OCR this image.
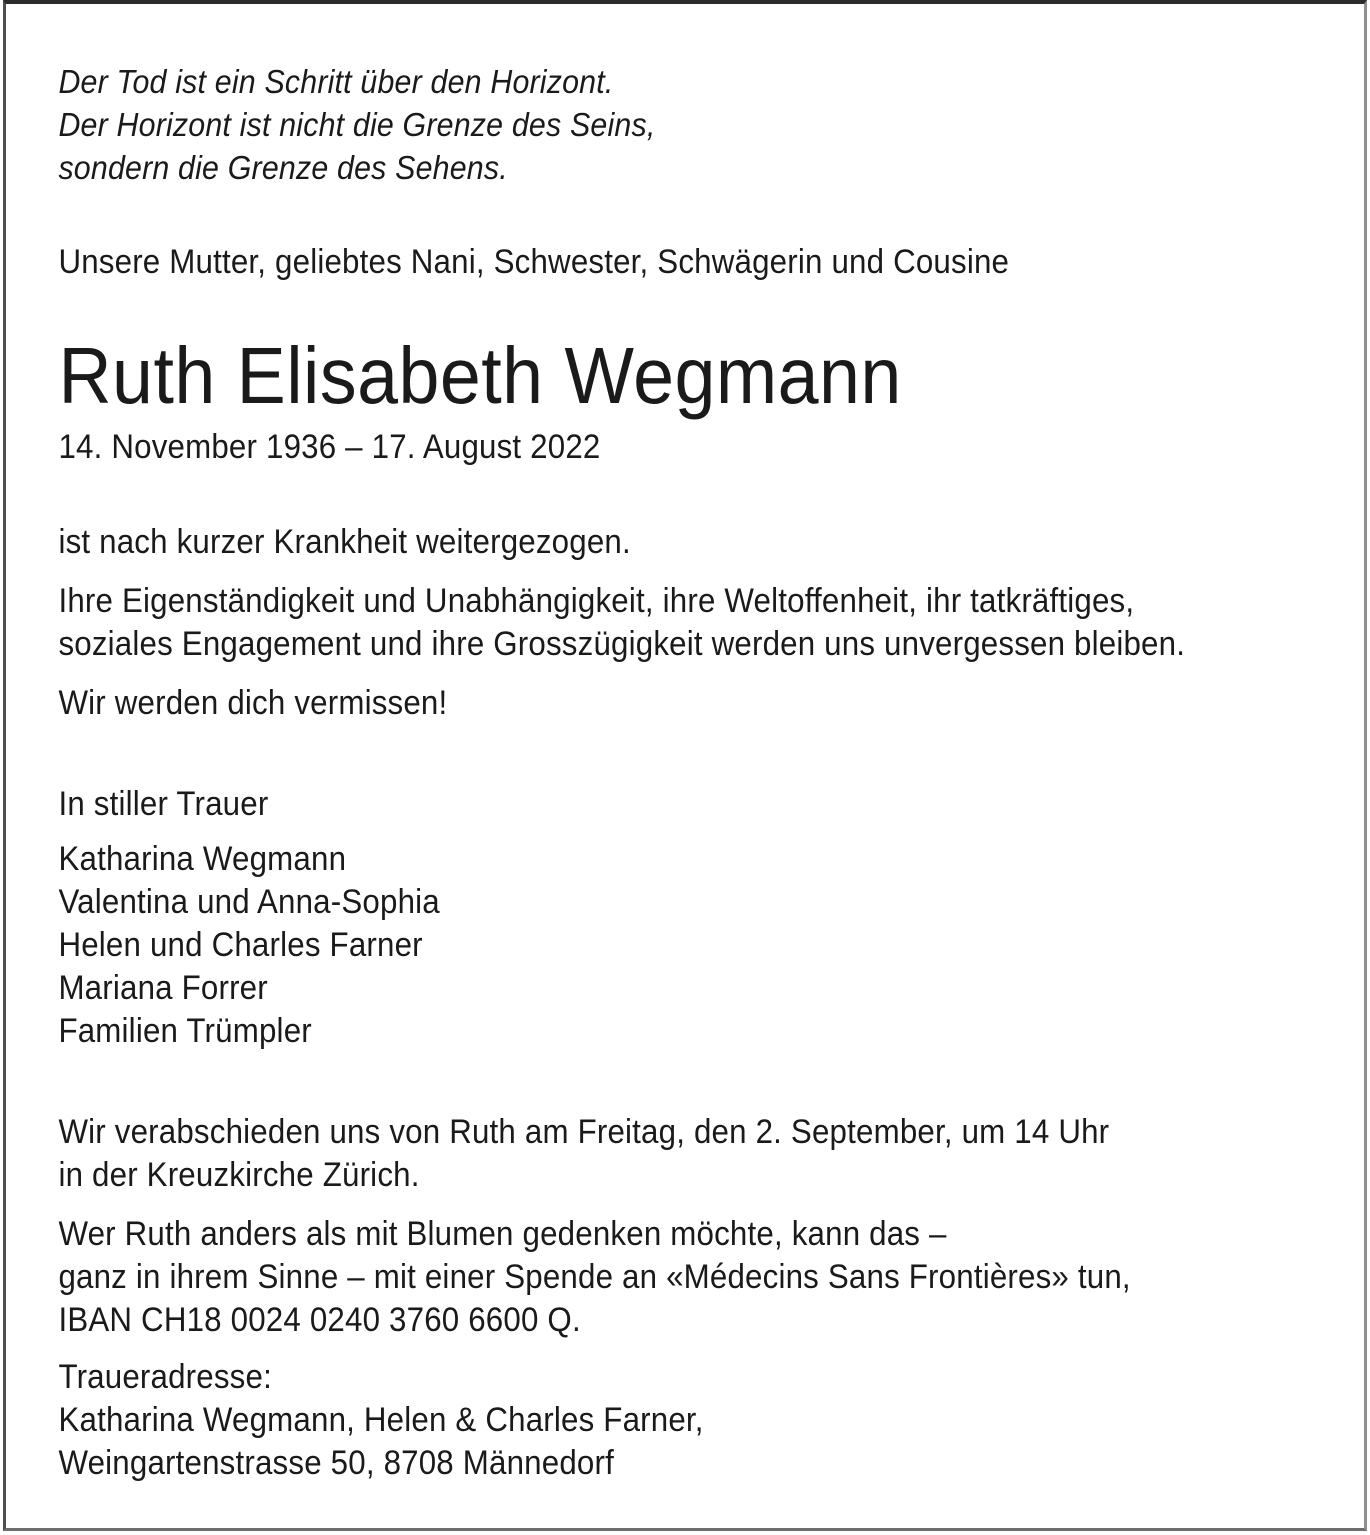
Der Tod ist ein Schritt über den Horizont.
Der Horizont ist nicht die Grenze des Seins,
sondern die Grenze des Sehens.
Unsere Mutter, geliebtes Nani, Schwester, Schwägerin und Cousine
Ruth Elisabeth Wegmann
14. November 1936 – 17. August 2022
ist nach kurzer Krankheit weitergezogen.
Ihre Eigenständigkeit und Unabhängigkeit, ihre Weltoffenheit, ihr tatkräftiges,
soziales Engagement und ihre Grosszügigkeit werden uns unvergessen bleiben.
Wir werden dich vermissen!
In stiller Trauer
Katharina Wegmann
Valentina und Anna-Sophia
Helen und Charles Farner
Mariana Forrer
Familien Trümpler
Wir verabschieden uns von Ruth am Freitag, den 2. September, um 14 Uhr
in der Kreuzkirche Zürich.
Wer Ruth anders als mit Blumen gedenken möchte, kann das –
ganz in ihrem Sinne – mit einer Spende an «Médecins Sans Frontières» tun,
IBAN CH18 0024 0240 3760 6600 Q.
Traueradresse:
Katharina Wegmann, Helen & Charles Farner,
Weingartenstrasse 50, 8708 Männedorf
